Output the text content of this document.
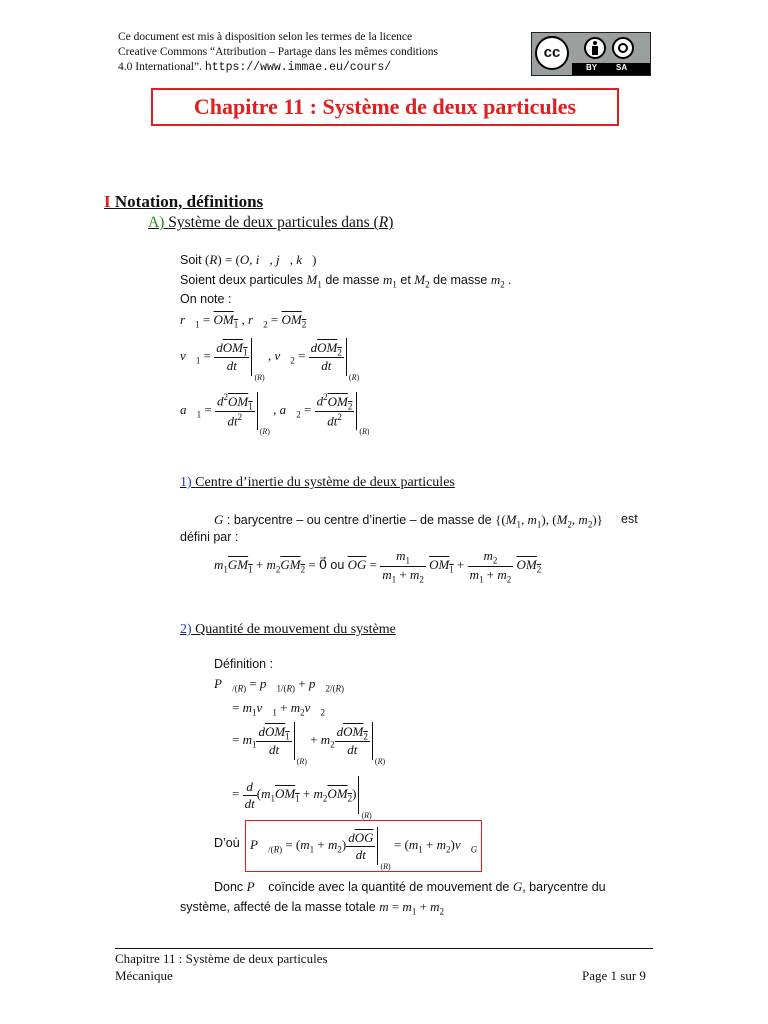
Ce document est mis à disposition selon les termes de la licence
Creative Commons “Attribution – Partage dans les mêmes conditions
4.0 International”. https://www.immae.eu/cours/
cc
BY SA
Chapitre 11 : Système de deux particules
I Notation, définitions
A) Système de deux particules dans (R)
Soit (R) = (O, i⃗, j⃗, k⃗)
Soient deux particules $M_1$ de masse $m_1$ et $M_2$ de masse $m_2$ .
On note :
$r⃗_1 = OM_1$ , $r⃗_2 = OM_2$
$v⃗_1 = \frac{dOM_1}{dt}$
$_{(R)}$ , $v⃗_2 = \frac{dOM_2}{dt}$
$_{(R)}$
$a⃗_1 = \frac{d^2OM_1}{dt^2}$
$_{(R)}$ , $a⃗_2 = \frac{d^2OM_2}{dt^2}$
$_{(R)}$
1) Centre d’inertie du système de deux particules
G : barycentre – ou centre d’inertie – de masse de {($M_1$, $m_1$), ($M_2$, $m_2$)} est
défini par :
$m_1GM_1 + m_2GM_2$ = 0⃗ ou $\overline{OG} = \frac{m_1}{m_1 + m_2} OM_1 + \frac{m_2}{m_1 + m_2} OM_2$
2) Quantité de mouvement du système
Définition :
$P⃗_{/(R)}$ = $p⃗_{1/(R)}$ + $p⃗_{2/(R)}$
= $m_1v⃗_1$ + $m_2v⃗_2$
= $m_1 \frac{dOM_1}{dt}$
$_{(R)} + m_2 \frac{dOM_2}{dt}$
$_{(R)}$
= $\frac{d}{dt} (m_1OM_1 + m_2OM_2)_{(R)}$
D’où $P⃗_{/(R)} = (m_1 + m_2) \frac{d\overline{OG}}{dt}$
$_{(R)} = (m_1$ + $m_2)v⃗_G$
Donc P⃗ coïncide avec la quantité de mouvement de G, barycentre du
système, affecté de la masse totale $m = m_1 + m_2$
Chapitre 11 : Système de deux particules
Mécanique	Page 1 sur 9
